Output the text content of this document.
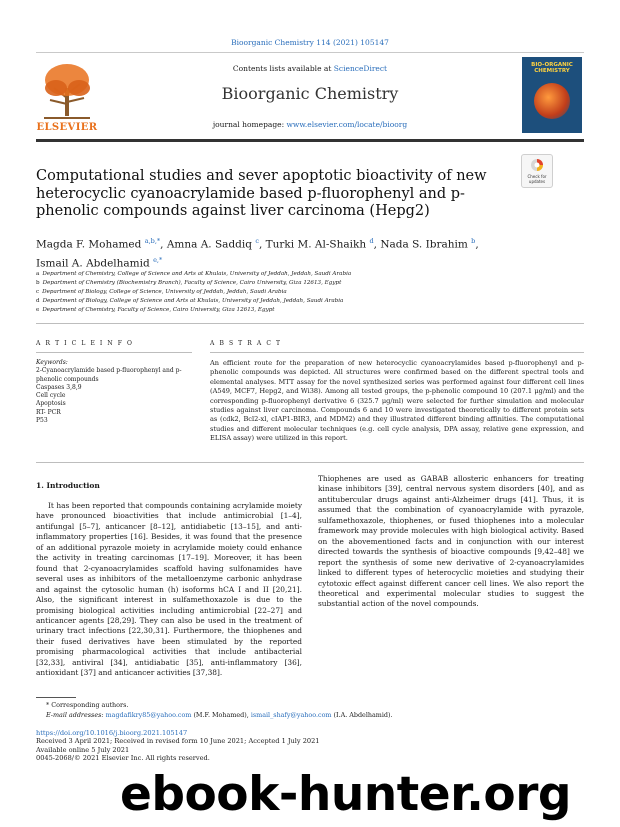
Bioorganic Chemistry 114 (2021) 105147
ELSEVIER
Contents lists available at ScienceDirect
Bioorganic Chemistry
journal homepage: www.elsevier.com/locate/bioorg
BIO-ORGANIC CHEMISTRY
Check for updates
Computational studies and sever apoptotic bioactivity of new heterocyclic cyanoacrylamide based p-fluorophenyl and p-phenolic compounds against liver carcinoma (Hepg2)
Magda F. Mohamed $^{a,b,*}$, Amna A. Saddiq $^c$, Turki M. Al-Shaikh $^d$, Nada S. Ibrahim $^b$,
Ismail A. Abdelhamid $^{e,*}$
a Department of Chemistry, College of Science and Arts at Khulais, University of Jeddah, Jeddah, Saudi Arabia
b Department of Chemistry (Biochemistry Branch), Faculty of Science, Cairo University, Giza 12613, Egypt
c Department of Biology, College of Science, University of Jeddah, Jeddah, Saudi Arabia
d Department of Biology, College of Science and Arts at Khulais, University of Jeddah, Jeddah, Saudi Arabia
e Department of Chemistry, Faculty of Science, Cairo University, Giza 12613, Egypt
A R T I C L E I N F O	A B S T R A C T
Keywords:
2-Cyanoacrylamide based p-fluorophenyl and p-phenolic compounds
Caspases 3,8,9
Cell cycle
Apoptosis
RT- PCR
P53
An efficient route for the preparation of new heterocyclic cyanoacrylamides based p-fluorophenyl and p-phenolic compounds was depicted. All structures were confirmed based on the different spectral tools and elemental analyses. MTT assay for the novel synthesized series was performed against four different cell lines (A549, MCF7, Hepg2, and Wi38). Among all tested groups, the p-phenolic compound 10 (207.1 μg/ml) and the corresponding p-fluorophenyl derivative 6 (325.7 μg/ml) were selected for further simulation and molecular studies against liver carcinoma. Compounds 6 and 10 were investigated theoretically to different protein sets as (cdk2, Bcl2-xl, cIAP1-BIR3, and MDM2) and they illustrated different binding affinities. The computational studies and different molecular techniques (e.g. cell cycle analysis, DPA assay, relative gene expression, and ELISA assay) were utilized in this report.
1. Introduction
It has been reported that compounds containing acrylamide moiety have pronounced bioactivities that include antimicrobial [1–4], antifungal [5–7], anticancer [8–12], antidiabetic [13–15], and anti-inflammatory properties [16]. Besides, it was found that the presence of an additional pyrazole moiety in acrylamide moiety could enhance the activity in treating carcinomas [17–19]. Moreover, it has been found that 2-cyanoacrylamides scaffold having sulfonamides have several uses as inhibitors of the metalloenzyme carbonic anhydrase and against the cytosolic human (h) isoforms hCA I and II [20,21]. Also, the significant interest in sulfamethoxazole is due to the promising biological activities including antimicrobial [22–27] and anticancer agents [28,29]. They can also be used in the treatment of urinary tract infections [22,30,31]. Furthermore, the thiophenes and their fused derivatives have been stimulated by the reported promising pharmacological activities that include antibacterial [32,33], antiviral [34], antidiabatic [35], anti-inflammatory [36], antioxidant [37] and anticancer activities [37,38].
Thiophenes are used as GABAB allosteric enhancers for treating kinase inhibitors [39], central nervous system disorders [40], and as antitubercular drugs against anti-Alzheimer drugs [41]. Thus, it is assumed that the combination of cyanoacrylamide with pyrazole, sulfamethoxazole, thiophenes, or fused thiophenes into a molecular framework may provide molecules with high biological activity. Based on the abovementioned facts and in conjunction with our interest directed towards the synthesis of bioactive compounds [9,42–48] we report the synthesis of some new derivative of 2-cyanoacrylamides linked to different types of heterocyclic moieties and studying their cytotoxic effect against different cancer cell lines. We also report the theoretical and experimental molecular studies to suggest the substantial action of the novel compounds.
* Corresponding authors.
E-mail addresses: magdafikry85@yahoo.com (M.F. Mohamed), ismail_shafy@yahoo.com (I.A. Abdelhamid).
https://doi.org/10.1016/j.bioorg.2021.105147
Received 3 April 2021; Received in revised form 10 June 2021; Accepted 1 July 2021
Available online 5 July 2021
0045-2068/© 2021 Elsevier Inc. All rights reserved.
ebook-hunter.org
